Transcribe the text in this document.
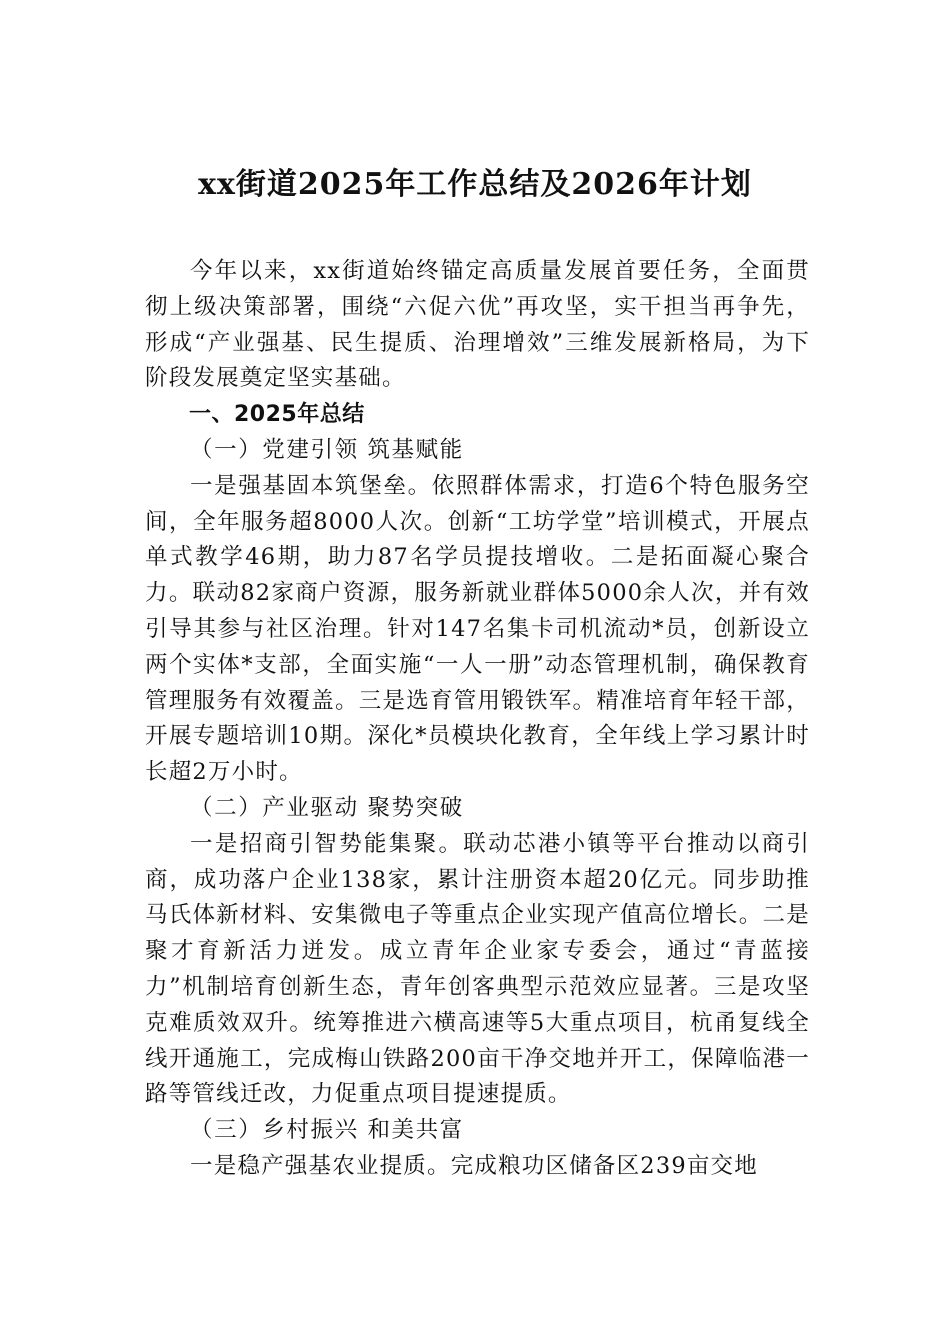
xx街道2025年工作总结及2026年计划

今年以来，xx街道始终锚定高质量发展首要任务，全面贯彻上级决策部署，围绕“六促六优”再攻坚，实干担当再争先，形成“产业强基、民生提质、治理增效”三维发展新格局，为下阶段发展奠定坚实基础。

一、2025年总结

（一）党建引领 筑基赋能

一是强基固本筑堡垒。依照群体需求，打造6个特色服务空间，全年服务超8000人次。创新“工坊学堂”培训模式，开展点单式教学46期，助力87名学员提技增收。二是拓面凝心聚合力。联动82家商户资源，服务新就业群体5000余人次，并有效引导其参与社区治理。针对147名集卡司机流动*员，创新设立两个实体*支部，全面实施“一人一册”动态管理机制，确保教育管理服务有效覆盖。三是选育管用锻铁军。精准培育年轻干部，开展专题培训10期。深化*员模块化教育，全年线上学习累计时长超2万小时。

（二）产业驱动 聚势突破

一是招商引智势能集聚。联动芯港小镇等平台推动以商引商，成功落户企业138家，累计注册资本超20亿元。同步助推马氏体新材料、安集微电子等重点企业实现产值高位增长。二是聚才育新活力迸发。成立青年企业家专委会，通过“青蓝接力”机制培育创新生态，青年创客典型示范效应显著。三是攻坚克难质效双升。统筹推进六横高速等5大重点项目，杭甬复线全线开通施工，完成梅山铁路200亩干净交地并开工，保障临港一路等管线迁改，力促重点项目提速提质。

（三）乡村振兴 和美共富

一是稳产强基农业提质。完成粮功区储备区239亩交地
